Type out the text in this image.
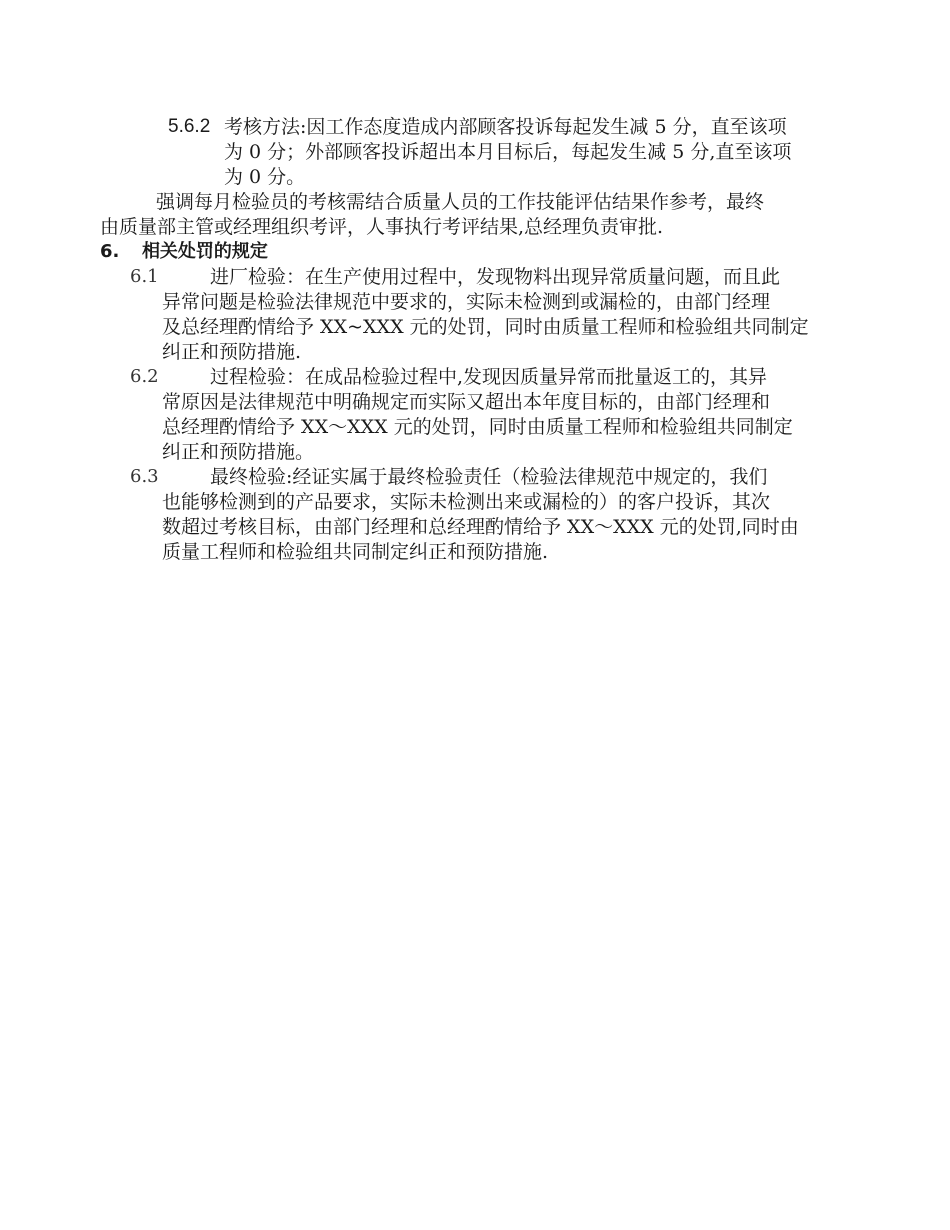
5.6.2 考核方法:因工作态度造成内部顾客投诉每起发生减 5 分，直至该项
为 0 分；外部顾客投诉超出本月目标后，每起发生减 5 分,直至该项
为 0 分。
强调每月检验员的考核需结合质量人员的工作技能评估结果作参考，最终
由质量部主管或经理组织考评，人事执行考评结果,总经理负责审批.
6. 相关处罚的规定
6.1	进厂检验：在生产使用过程中，发现物料出现异常质量问题，而且此
异常问题是检验法律规范中要求的，实际未检测到或漏检的，由部门经理
及总经理酌情给予 XX~XXX 元的处罚，同时由质量工程师和检验组共同制定
纠正和预防措施.
6.2	过程检验：在成品检验过程中,发现因质量异常而批量返工的，其异
常原因是法律规范中明确规定而实际又超出本年度目标的，由部门经理和
总经理酌情给予 XX～XXX 元的处罚，同时由质量工程师和检验组共同制定
纠正和预防措施。
6.3	最终检验:经证实属于最终检验责任（检验法律规范中规定的，我们
也能够检测到的产品要求，实际未检测出来或漏检的）的客户投诉，其次
数超过考核目标，由部门经理和总经理酌情给予 XX～XXX 元的处罚,同时由
质量工程师和检验组共同制定纠正和预防措施.
